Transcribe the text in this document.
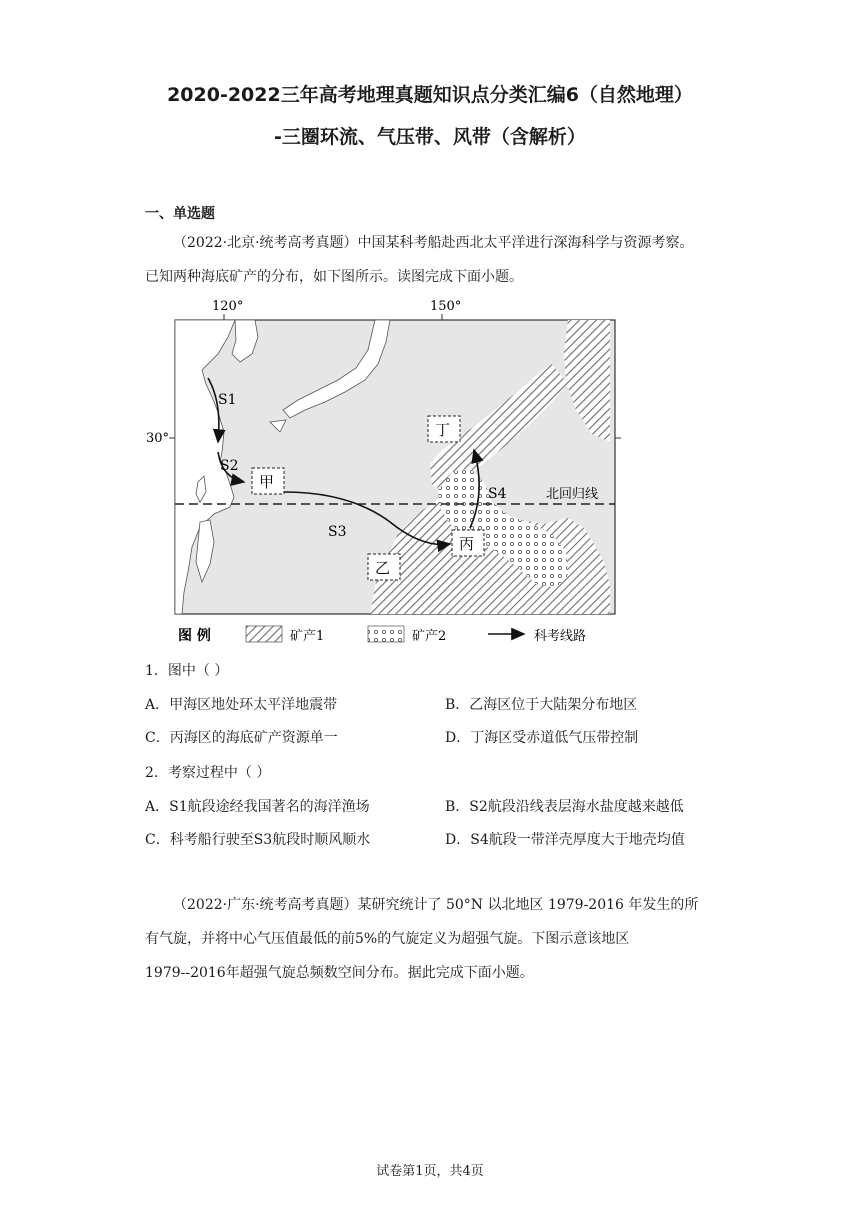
2020-2022三年高考地理真题知识点分类汇编6（自然地理）
-三圈环流、气压带、风带（含解析）
一、单选题
（2022·北京·统考高考真题）中国某科考船赴西北太平洋进行深海科学与资源考察。
已知两种海底矿产的分布，如下图所示。读图完成下面小题。
120°	150°
30°
北回归线
S1
S2
S3
S4
甲
乙
丙
丁
图 例	矿产1	矿产2	科考线路
1．图中（ ）
A．甲海区地处环太平洋地震带	B．乙海区位于大陆架分布地区
C．丙海区的海底矿产资源单一	D．丁海区受赤道低气压带控制
2．考察过程中（ ）
A．S1航段途经我国著名的海洋渔场	B．S2航段沿线表层海水盐度越来越低
C．科考船行驶至S3航段时顺风顺水	D．S4航段一带洋壳厚度大于地壳均值
（2022·广东·统考高考真题）某研究统计了 50°N 以北地区 1979-2016 年发生的所
有气旋，并将中心气压值最低的前5%的气旋定义为超强气旋。下图示意该地区
1979--2016年超强气旋总频数空间分布。据此完成下面小题。
试卷第1页，共4页
